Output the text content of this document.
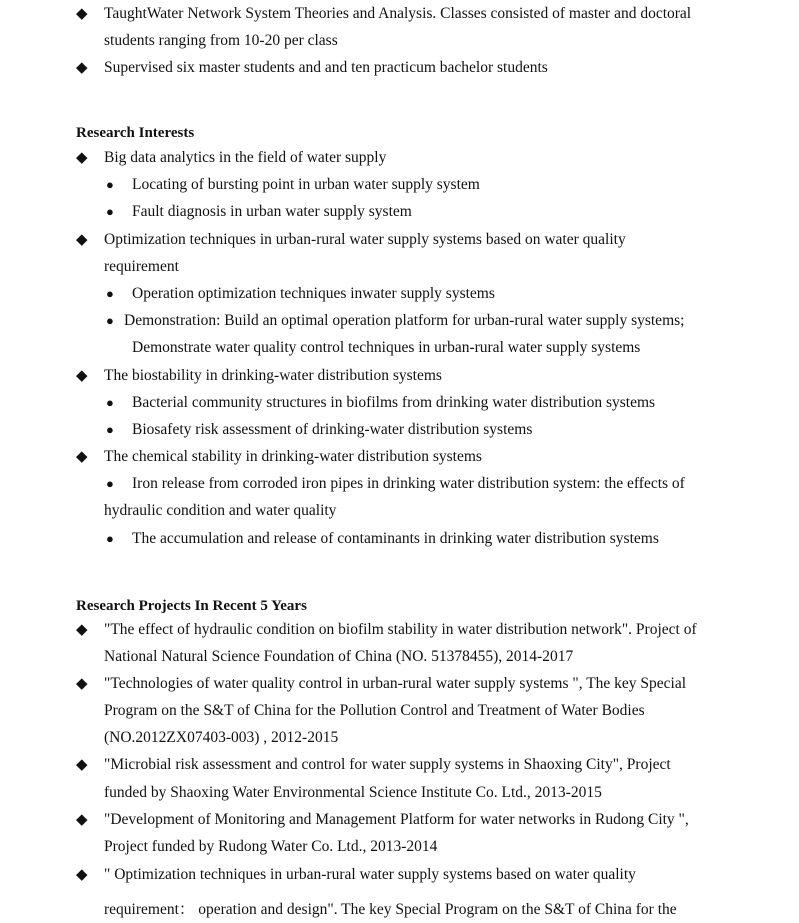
◆ TaughtWater Network System Theories and Analysis. Classes consisted of master and doctoral
students ranging from 10-20 per class
◆ Supervised six master students and and ten practicum bachelor students
Research Interests
◆ Big data analytics in the field of water supply
● Locating of bursting point in urban water supply system
● Fault diagnosis in urban water supply system
◆ Optimization techniques in urban-rural water supply systems based on water quality
requirement
● Operation optimization techniques inwater supply systems
● Demonstration: Build an optimal operation platform for urban-rural water supply systems;
Demonstrate water quality control techniques in urban-rural water supply systems
◆ The biostability in drinking-water distribution systems
● Bacterial community structures in biofilms from drinking water distribution systems
● Biosafety risk assessment of drinking-water distribution systems
◆ The chemical stability in drinking-water distribution systems
● Iron release from corroded iron pipes in drinking water distribution system: the effects of
hydraulic condition and water quality
● The accumulation and release of contaminants in drinking water distribution systems
Research Projects In Recent 5 Years
◆ "The effect of hydraulic condition on biofilm stability in water distribution network". Project of
National Natural Science Foundation of China (NO. 51378455), 2014-2017
◆ "Technologies of water quality control in urban-rural water supply systems ", The key Special
Program on the S&T of China for the Pollution Control and Treatment of Water Bodies
(NO.2012ZX07403-003) , 2012-2015
◆ "Microbial risk assessment and control for water supply systems in Shaoxing City", Project
funded by Shaoxing Water Environmental Science Institute Co. Ltd., 2013-2015
◆ "Development of Monitoring and Management Platform for water networks in Rudong City ",
Project funded by Rudong Water Co. Ltd., 2013-2014
◆ " Optimization techniques in urban-rural water supply systems based on water quality
requirement： operation and design". The key Special Program on the S&T of China for the
